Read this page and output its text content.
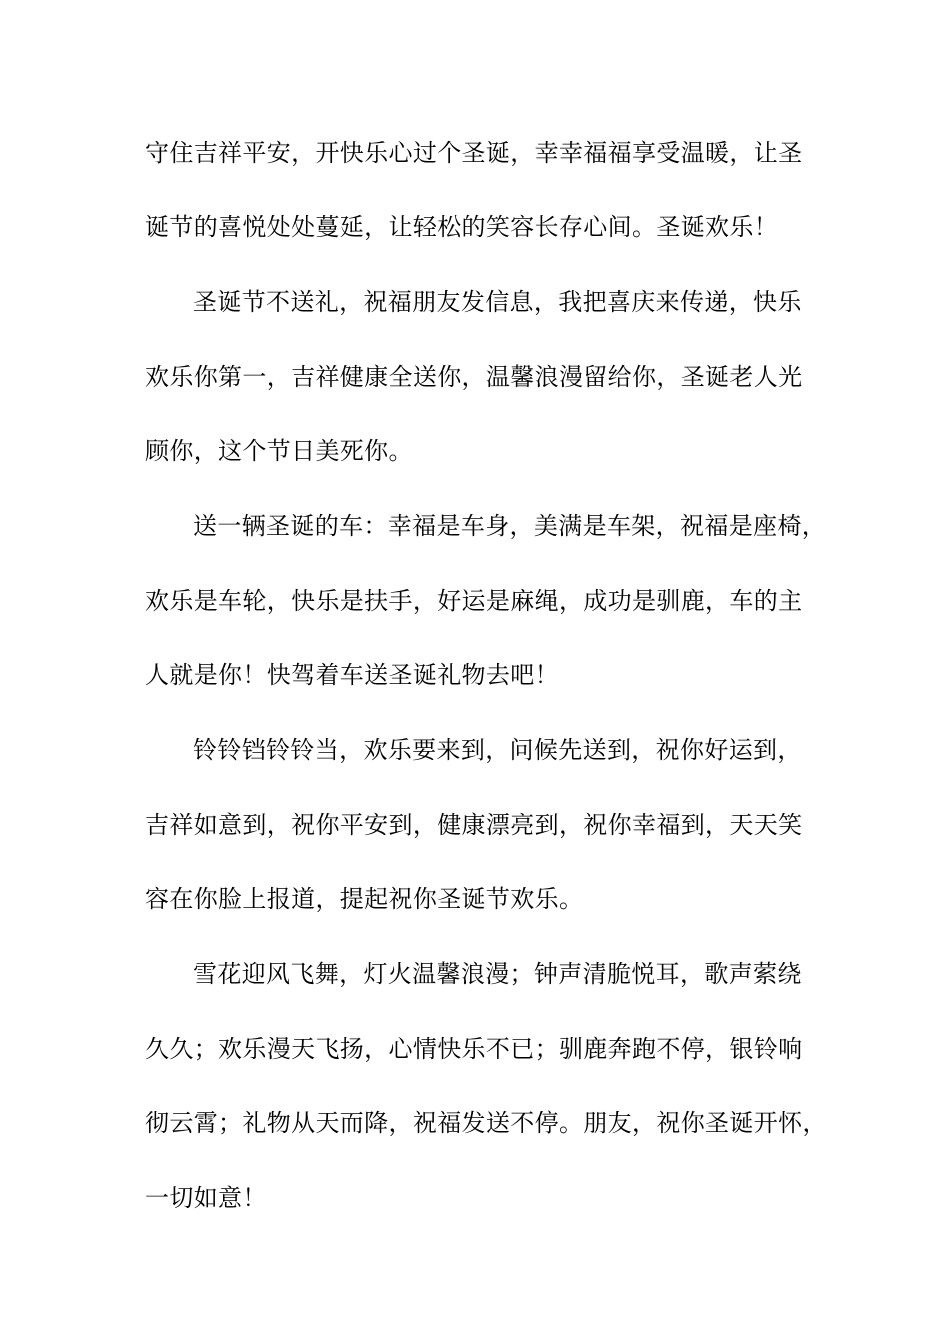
守住吉祥平安，开快乐心过个圣诞，幸幸福福享受温暖，让圣
诞节的喜悦处处蔓延，让轻松的笑容长存心间。圣诞欢乐！
圣诞节不送礼，祝福朋友发信息，我把喜庆来传递，快乐
欢乐你第一，吉祥健康全送你，温馨浪漫留给你，圣诞老人光
顾你，这个节日美死你。
送一辆圣诞的车：幸福是车身，美满是车架，祝福是座椅，
欢乐是车轮，快乐是扶手，好运是麻绳，成功是驯鹿，车的主
人就是你！快驾着车送圣诞礼物去吧！
铃铃铛铃铃当，欢乐要来到，问候先送到，祝你好运到，
吉祥如意到，祝你平安到，健康漂亮到，祝你幸福到，天天笑
容在你脸上报道，提起祝你圣诞节欢乐。
雪花迎风飞舞，灯火温馨浪漫；钟声清脆悦耳，歌声萦绕
久久；欢乐漫天飞扬，心情快乐不已；驯鹿奔跑不停，银铃响
彻云霄；礼物从天而降，祝福发送不停。朋友，祝你圣诞开怀，
一切如意！
